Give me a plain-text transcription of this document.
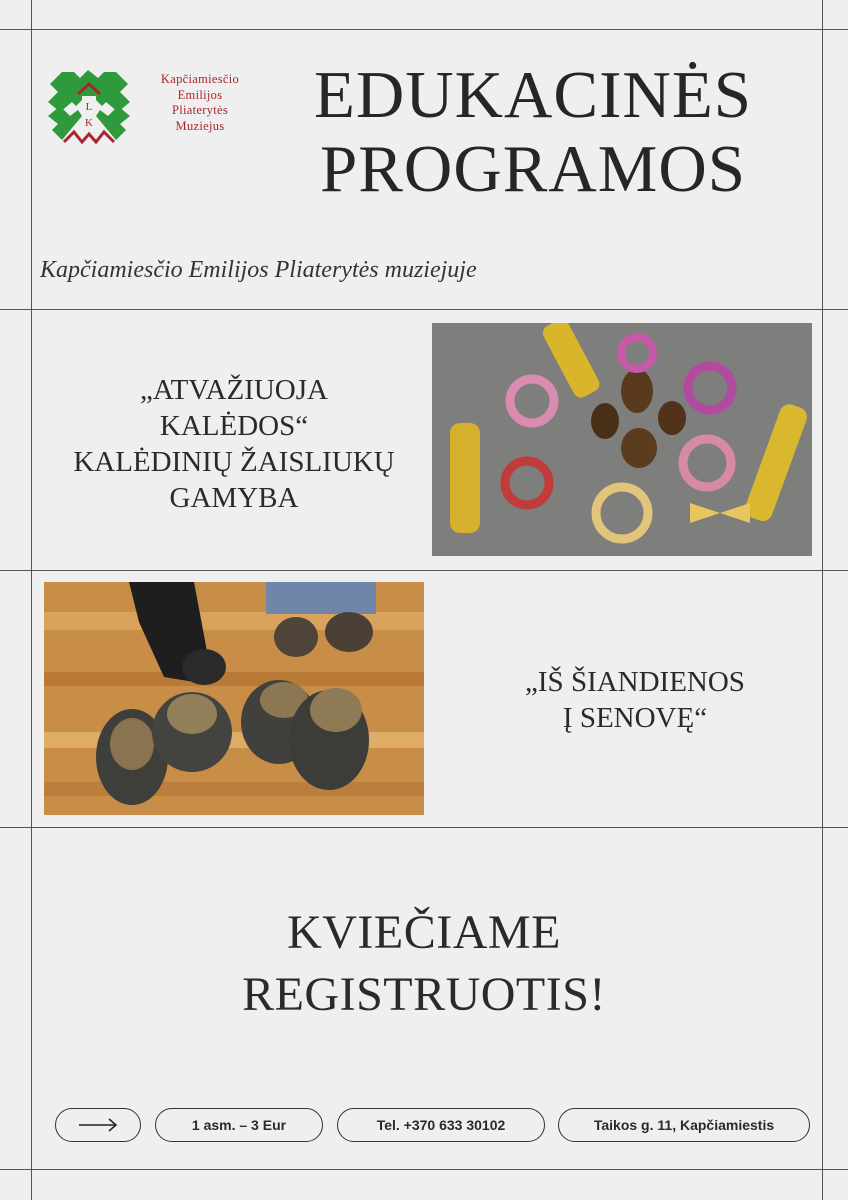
L
K
Kapčiamiesčio
Emilijos
Pliaterytės
Muziejus	EDUKACINĖS
PROGRAMOS
Kapčiamiesčio Emilijos Pliaterytės muziejuje
„ATVAŽIUOJA
KALĖDOS“
KALĖDINIŲ ŽAISLIUKŲ
GAMYBA
„IŠ ŠIANDIENOS
Į SENOVĘ“
KVIEČIAME
REGISTRUOTIS!
1 asm. – 3 Eur	Tel. +370 633 30102	Taikos g. 11, Kapčiamiestis
